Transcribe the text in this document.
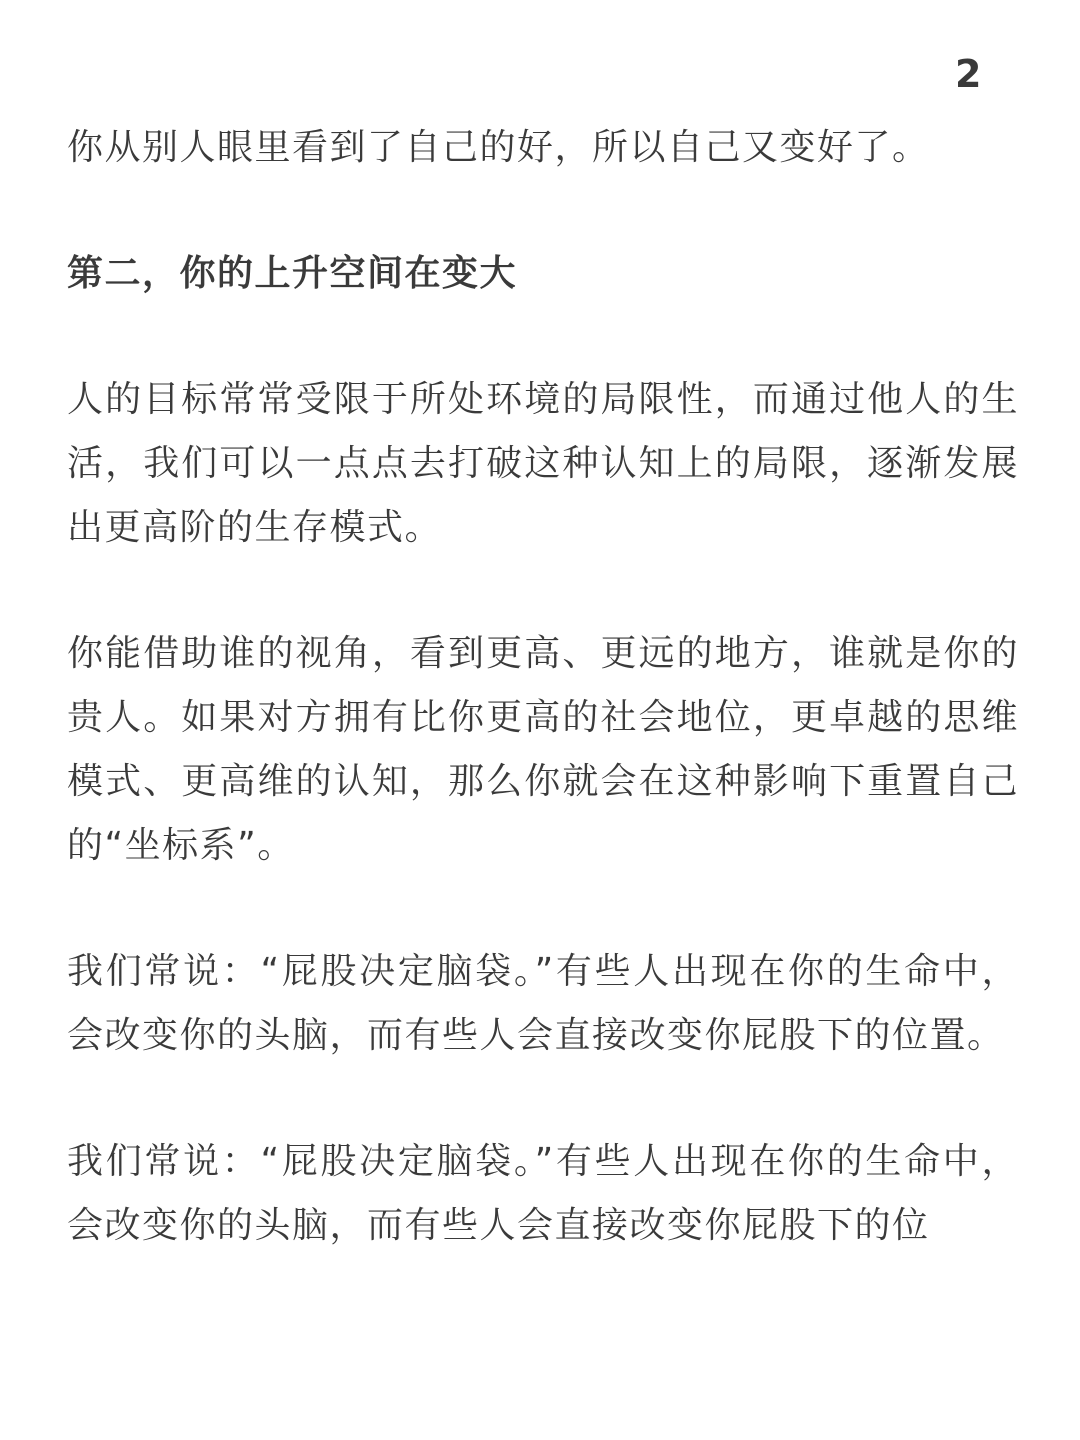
2

你从别人眼里看到了自己的好，所以自己又变好了。

第二，你的上升空间在变大

人的目标常常受限于所处环境的局限性，而通过他人的生活，我们可以一点点去打破这种认知上的局限，逐渐发展出更高阶的生存模式。

你能借助谁的视角，看到更高、更远的地方，谁就是你的贵人。如果对方拥有比你更高的社会地位，更卓越的思维模式、更高维的认知，那么你就会在这种影响下重置自己的“坐标系”。

我们常说：“屁股决定脑袋。”有些人出现在你的生命中，会改变你的头脑，而有些人会直接改变你屁股下的位置。

我们常说：“屁股决定脑袋。”有些人出现在你的生命中，会改变你的头脑，而有些人会直接改变你屁股下的位
